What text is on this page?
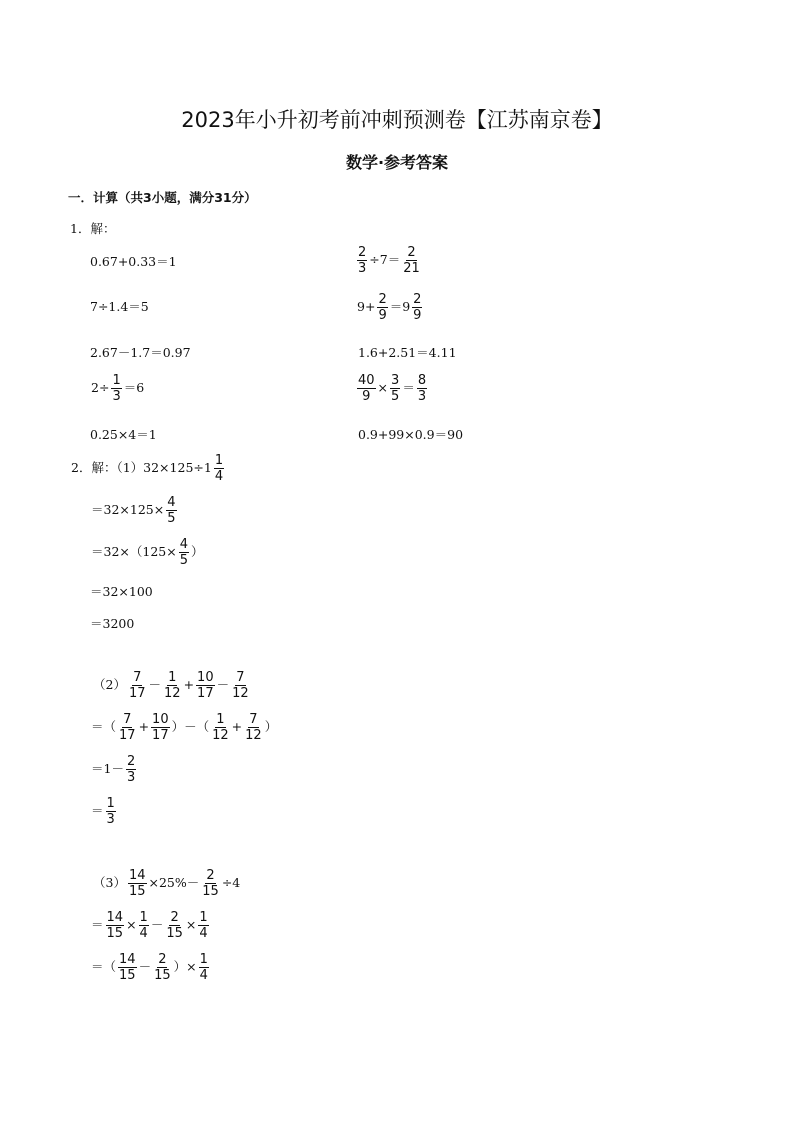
2023年小升初考前冲刺预测卷【江苏南京卷】
数学·参考答案
一．计算（共3小题，满分31分）
1．解：
0.67+0.33＝1
7÷1.4＝5
2.67－1.7＝0.97
$2\div \frac{1}{3} =6$
0.25×4＝1
$\frac{2}{3} \div 7= \frac{2}{21}$
$9+ \frac{2}{9} =9 \frac{2}{9}$
1.6+2.51＝4.11
$\frac{40}{9} \times \frac{3}{5} = \frac{8}{3}$
0.9+99×0.9＝90
2．解：$(1)32\times 125\div 1 \frac{1}{4}$
$=32\times 125\times \frac{4}{5}$
$=32\times(125\times \frac{4}{5}$ ）
＝32×100
＝3200
$(2) \frac{7}{17} - \frac{1}{12} + \frac{10}{17} - \frac{7}{12}$
＝（ $\frac{7}{17} + \frac{10}{17}$ ）－（ $\frac{1}{12} + \frac{7}{12}$ ）
$=1- \frac{2}{3}$
＝ $\frac{1}{3}$
$(3) \frac{14}{15} \times 25\%- \frac{2}{15} \div 4$
＝ $\frac{14}{15} \times \frac{1}{4} - \frac{2}{15} \times \frac{1}{4}$
＝（ $\frac{14}{15} - \frac{2}{15}$ ）× $\frac{1}{4}$
